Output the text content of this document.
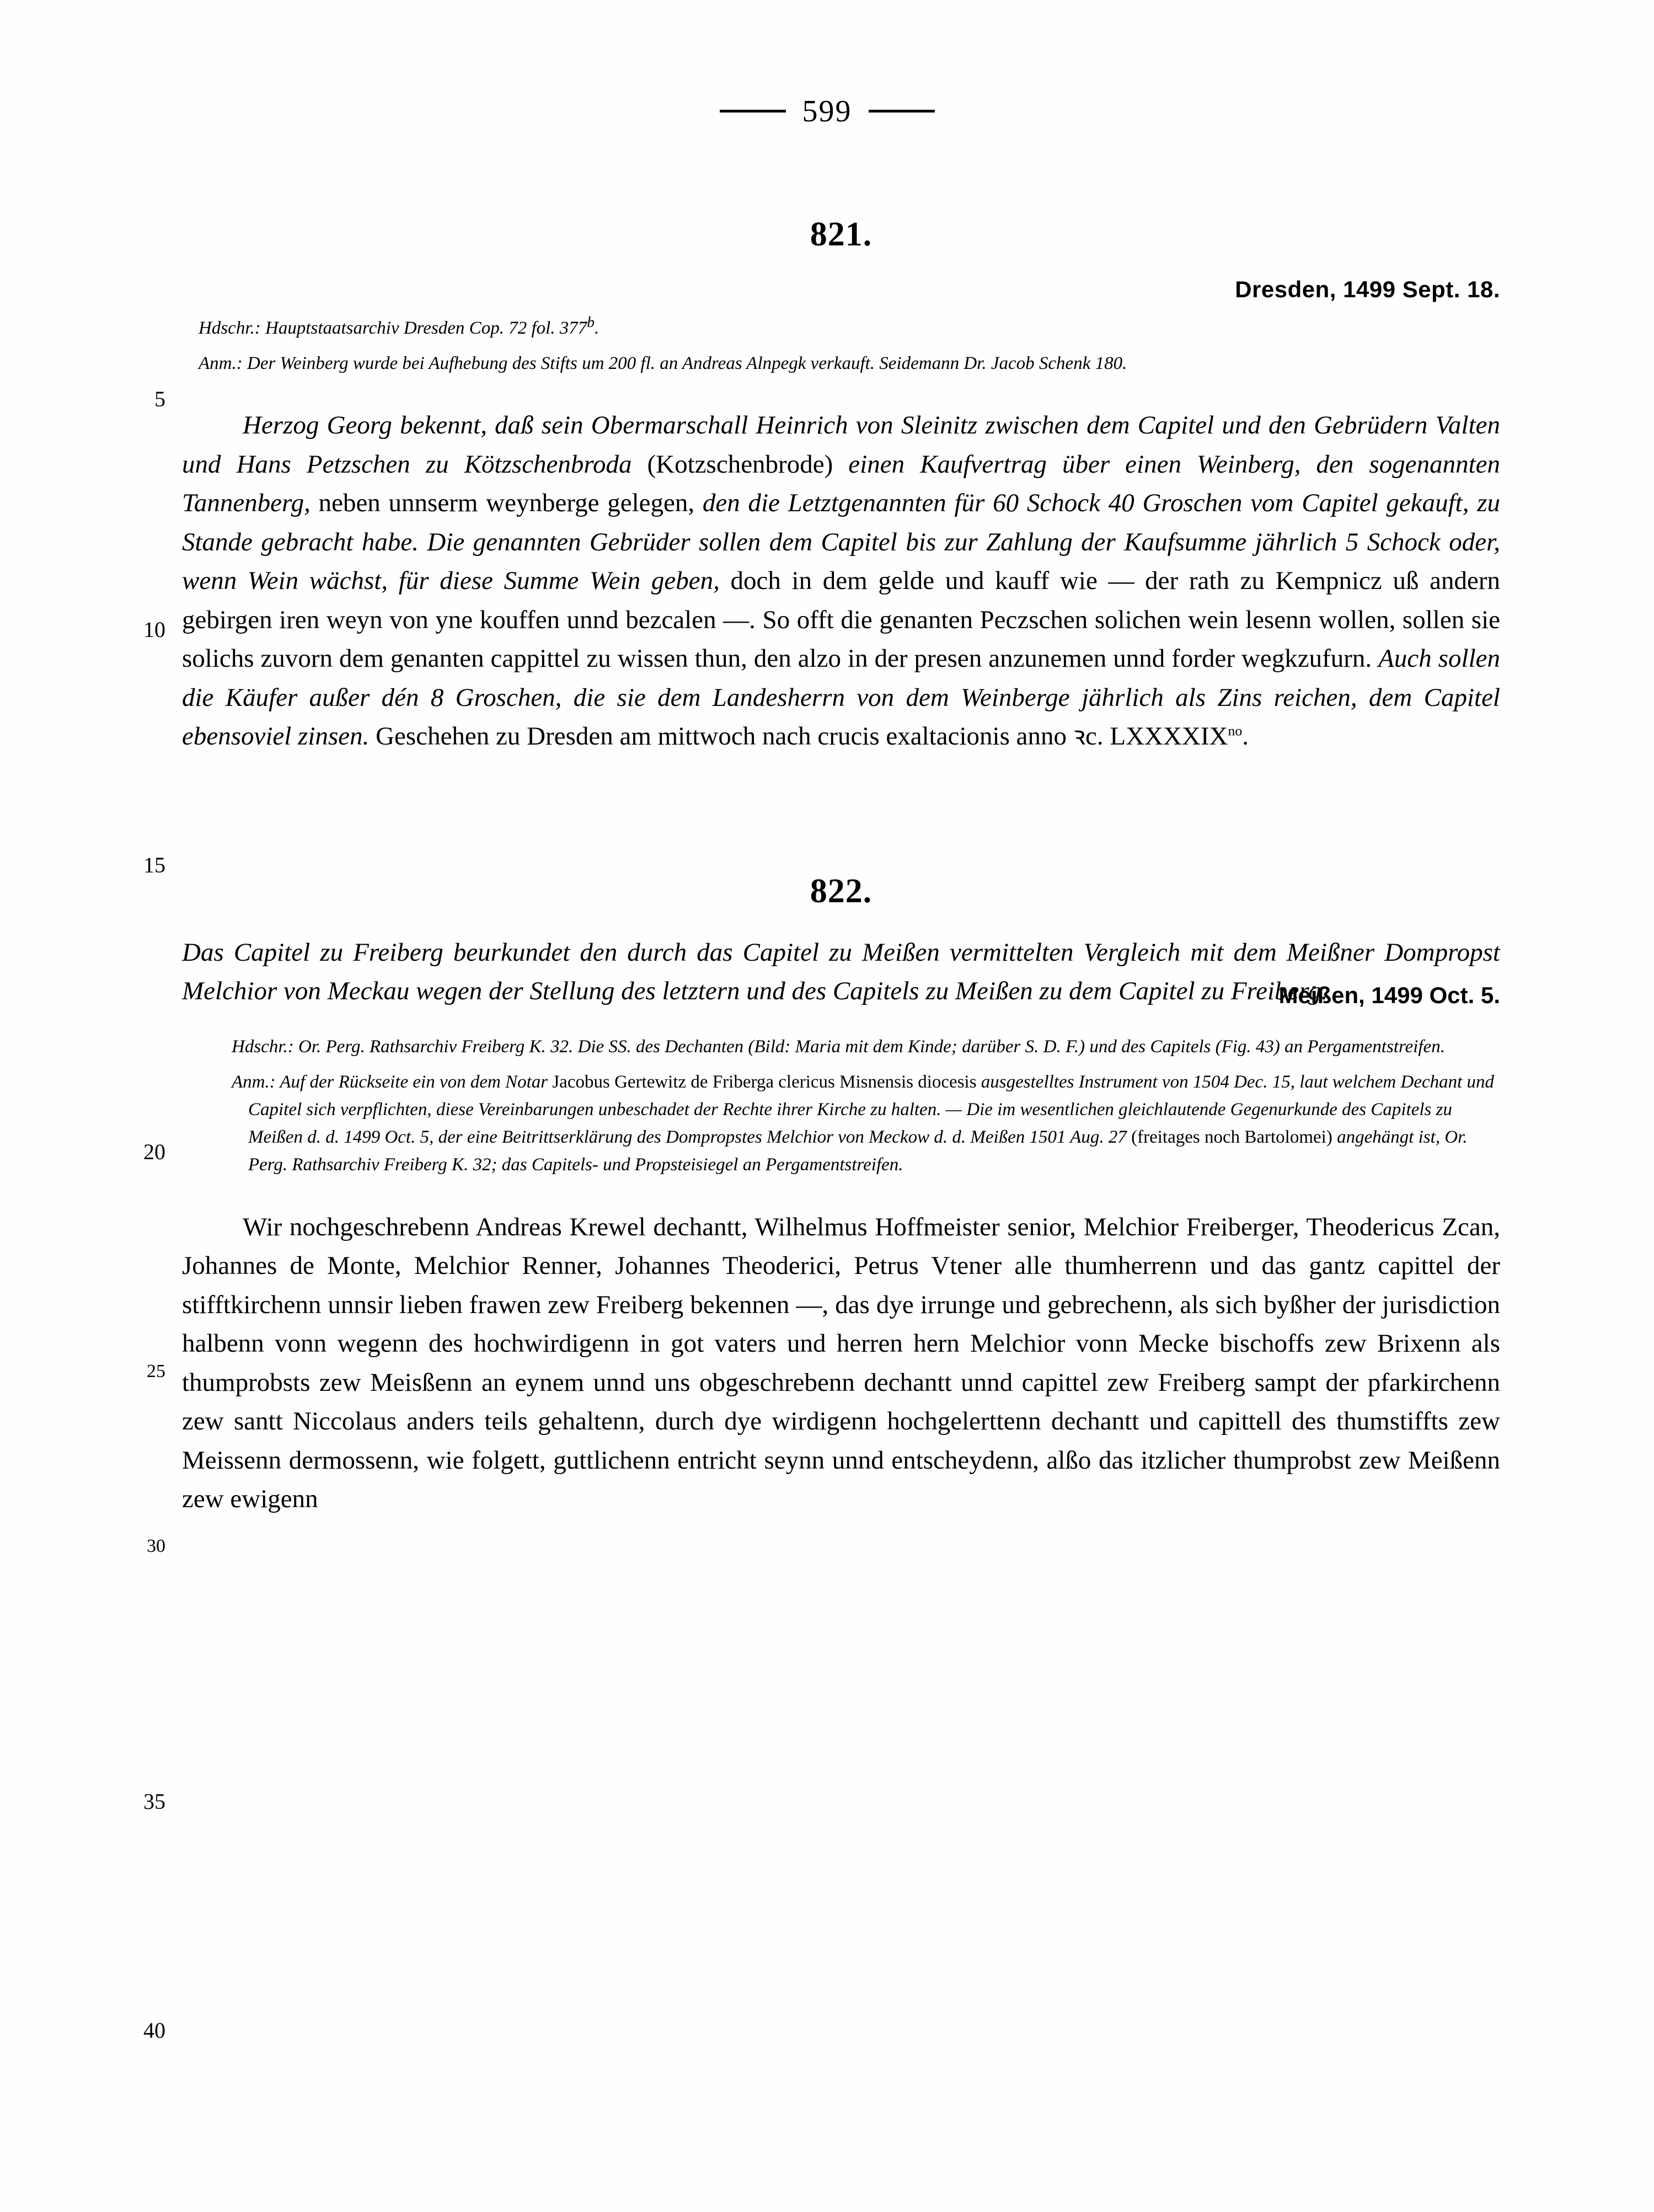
599
5
10
15
20
25
30
35
40
821.
Dresden, 1499 Sept. 18.
Hdschr.: Hauptstaatsarchiv Dresden Cop. 72 fol. 377$^b$.
Anm.: Der Weinberg wurde bei Aufhebung des Stifts um 200 fl. an Andreas Alnpegk verkauft. Seidemann Dr. Jacob Schenk 180.
Herzog Georg bekennt, daß sein Obermarschall Heinrich von Sleinitz zwischen dem Capitel und den Gebrüdern Valten und Hans Petzschen zu Kötzschenbroda (Kotzschenbrode) einen Kaufvertrag über einen Weinberg, den sogenannten Tannenberg, neben unnserm weynberge gelegen, den die Letztgenannten für 60 Schock 40 Groschen vom Capitel gekauft, zu Stande gebracht habe. Die genannten Gebrüder sollen dem Capitel bis zur Zahlung der Kaufsumme jährlich 5 Schock oder, wenn Wein wächst, für diese Summe Wein geben, doch in dem gelde und kauff wie — der rath zu Kempnicz uß andern gebirgen iren weyn von yne kouffen unnd bezcalen —. So offt die genanten Peczschen solichen wein lesenn wollen, sollen sie solichs zuvorn dem genanten cappittel zu wissen thun, den alzo in der presen anzunemen unnd forder wegkzufurn. Auch sollen die Käufer außer dén 8 Groschen, die sie dem Landesherrn von dem Weinberge jährlich als Zins reichen, dem Capitel ebensoviel zinsen. Geschehen zu Dresden am mittwoch nach crucis exaltacionis anno ꝛc. $LXXXXIX^{no}$.
822.
Das Capitel zu Freiberg beurkundet den durch das Capitel zu Meißen vermittelten Vergleich mit dem Meißner Dompropst Melchior von Meckau wegen der Stellung des letztern und des Capitels zu Meißen zu dem Capitel zu Freiberg.
Meißen, 1499 Oct. 5.
Hdschr.: Or. Perg. Rathsarchiv Freiberg K. 32. Die SS. des Dechanten (Bild: Maria mit dem Kinde; darüber S. D. F.) und des Capitels (Fig. 43) an Pergamentstreifen.
Anm.: Auf der Rückseite ein von dem Notar Jacobus Gertewitz de Friberga clericus Misnensis diocesis ausgestelltes Instrument von 1504 Dec. 15, laut welchem Dechant und Capitel sich verpflichten, diese Vereinbarungen unbeschadet der Rechte ihrer Kirche zu halten. — Die im wesentlichen gleichlautende Gegenurkunde des Capitels zu Meißen d. d. 1499 Oct. 5, der eine Beitrittserklärung des Dompropstes Melchior von Meckow d. d. Meißen 1501 Aug. 27 (freitages noch Bartolomei) angehängt ist, Or. Perg. Rathsarchiv Freiberg K. 32; das Capitels- und Propsteisiegel an Pergamentstreifen.
Wir nochgeschrebenn Andreas Krewel dechantt, Wilhelmus Hoffmeister senior, Melchior Freiberger, Theodericus Zcan, Johannes de Monte, Melchior Renner, Johannes Theoderici, Petrus Vtener alle thumherrenn und das gantz capittel der stifftkirchenn unnsir lieben frawen zew Freiberg bekennen —, das dye irrunge und gebrechenn, als sich byßher der jurisdiction halbenn vonn wegenn des hochwirdigenn in got vaters und herren hern Melchior vonn Mecke bischoffs zew Brixenn als thumprobsts zew Meisßenn an eynem unnd uns obgeschrebenn dechantt unnd capittel zew Freiberg sampt der pfarkirchenn zew santt Niccolaus anders teils gehaltenn, durch dye wirdigenn hochgelerttenn dechantt und capittell des thumstiffts zew Meissenn dermossenn, wie folgett, guttlichenn entricht seynn unnd entscheydenn, alßo das itzlicher thumprobst zew Meißenn zew ewigenn
